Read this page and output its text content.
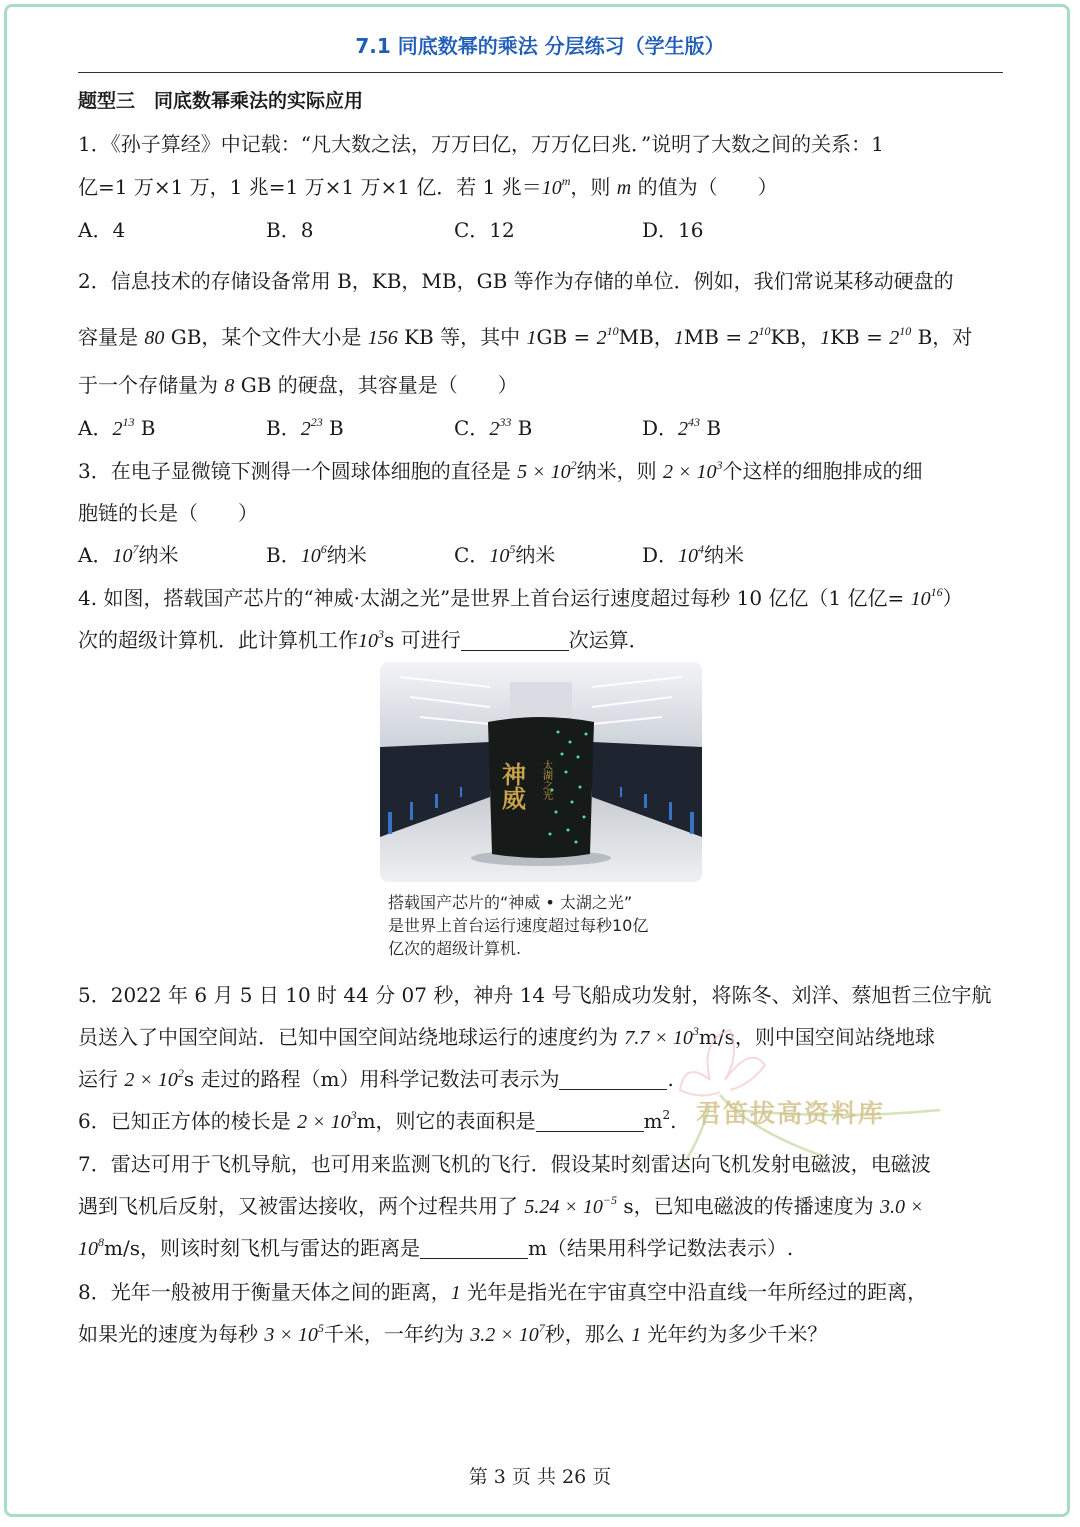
7.1 同底数幂的乘法 分层练习（学生版）
题型三　同底数幂乘法的实际应用
1．《孙子算经》中记载：“凡大数之法，万万曰亿，万万亿曰兆．”说明了大数之间的关系：1
亿=1 万×1 万，1 兆=1 万×1 万×1 亿．若 1 兆$=10^m$，则 m 的值为（　　）
A．4	B．8	C．12	D．16
2．信息技术的存储设备常用 B，KB，MB，GB 等作为存储的单位．例如，我们常说某移动硬盘的
容量是 80 GB，某个文件大小是 156 KB 等，其中 $1GB = 2^{10}MB$，$1MB = 2^{10}KB$，$1KB = 2^{10}$ B，对
于一个存储量为 8 GB 的硬盘，其容量是（　　）
A．$2^{13}$ B	B．$2^{23}$ B	C．$2^{33}$ B	D．$2^{43}$ B
3．在电子显微镜下测得一个圆球体细胞的直径是 $5 \times 10^2$纳米，则 $2 \times 10^3$个这样的细胞排成的细
胞链的长是（　　）
A．$10^7$纳米	B．$10^6$纳米	C．$10^5$纳米	D．$10^4$纳米
4. 如图，搭载国产芯片的“神威·太湖之光”是世界上首台运行速度超过每秒 10 亿亿（1 亿亿= $10^{16}$）
次的超级计算机．此计算机工作$10^3s$ 可进行	次运算．
神威 太湖之光
搭载国产芯片的“神威 • 太湖之光”
是世界上首台运行速度超过每秒10亿
亿次的超级计算机.
5．2022 年 6 月 5 日 10 时 44 分 07 秒，神舟 14 号飞船成功发射，将陈冬、刘洋、蔡旭哲三位宇航
员送入了中国空间站．已知中国空间站绕地球运行的速度约为 $7.7 \times 10^3m/s$，则中国空间站绕地球
运行 $2 \times 10^2s$ 走过的路程（m）用科学记数法可表示为	.
君笛拔高资料库
6．已知正方体的棱长是 $2 \times 10^3m$，则它的表面积是	$m^2$.
7．雷达可用于飞机导航，也可用来监测飞机的飞行．假设某时刻雷达向飞机发射电磁波，电磁波
遇到飞机后反射，又被雷达接收，两个过程共用了 $5.24 \times 10^{-5}$ s，已知电磁波的传播速度为 3.0 ×
$10^8m/s$，则该时刻飞机与雷达的距离是	m（结果用科学记数法表示）.
8．光年一般被用于衡量天体之间的距离，1 光年是指光在宇宙真空中沿直线一年所经过的距离，
如果光的速度为每秒 $3 \times 10^5$千米，一年约为 $3.2 \times 10^7$秒，那么 1 光年约为多少千米？
第 3 页 共 26 页
